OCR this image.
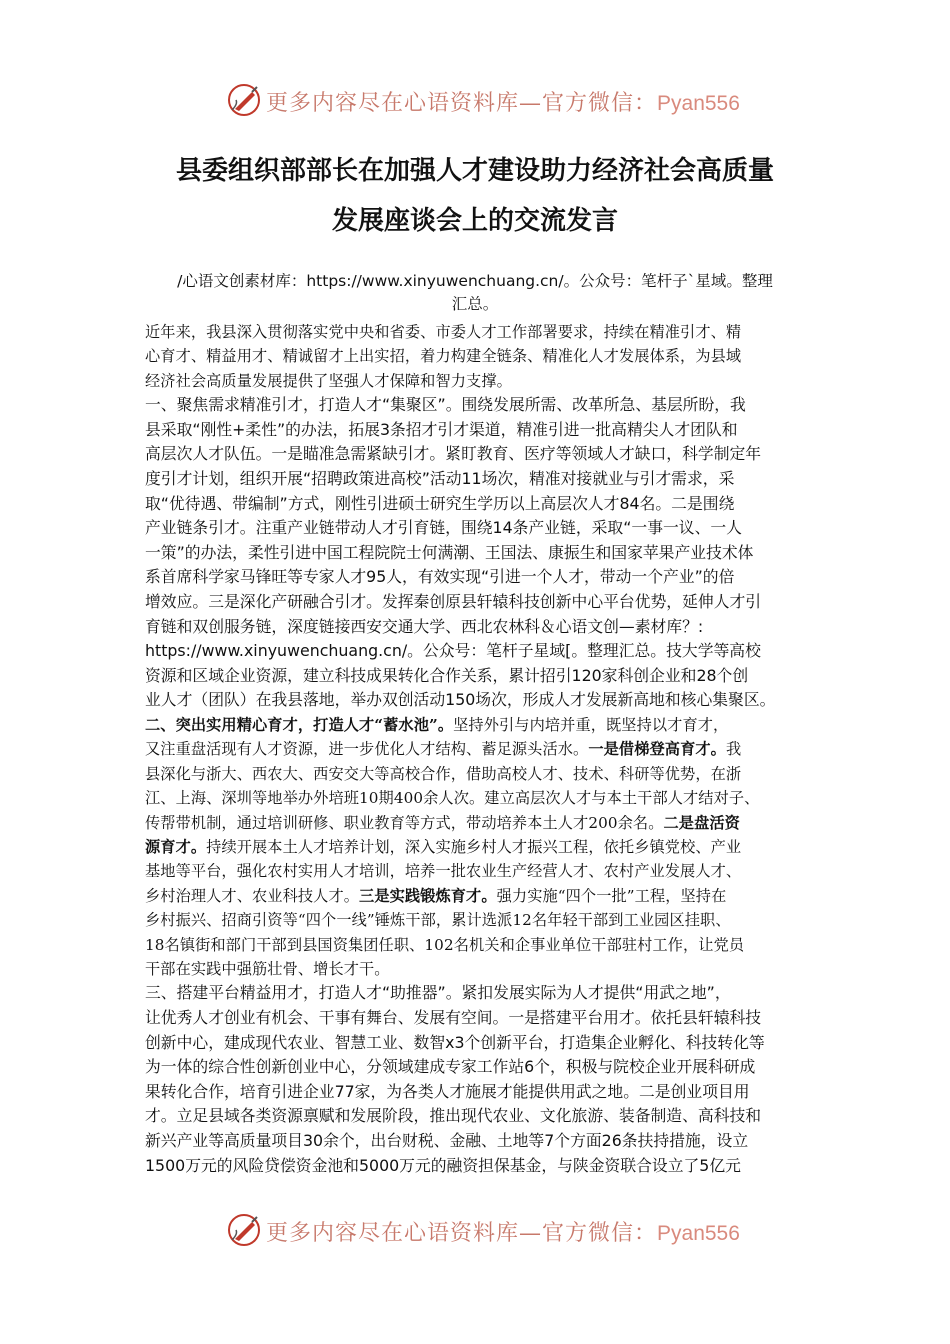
更多内容尽在心语资料库—官方微信：Pyan556
县委组织部部长在加强人才建设助力经济社会高质量
发展座谈会上的交流发言
/心语文创素材库：https://www.xinyuwenchuang.cn/。公众号：笔杆子`星域。整理
汇总。
近年来，我县深入贯彻落实党中央和省委、市委人才工作部署要求，持续在精准引才、精
心育才、精益用才、精诚留才上出实招，着力构建全链条、精准化人才发展体系，为县域
经济社会高质量发展提供了坚强人才保障和智力支撑。
一、聚焦需求精准引才，打造人才“集聚区”。围绕发展所需、改革所急、基层所盼，我
县采取“刚性+柔性”的办法，拓展3条招才引才渠道，精准引进一批高精尖人才团队和
高层次人才队伍。一是瞄准急需紧缺引才。紧盯教育、医疗等领域人才缺口，科学制定年
度引才计划，组织开展“招聘政策进高校”活动11场次，精准对接就业与引才需求，采
取“优待遇、带编制”方式，刚性引进硕士研究生学历以上高层次人才84名。二是围绕
产业链条引才。注重产业链带动人才引育链，围绕14条产业链，采取“一事一议、一人
一策”的办法，柔性引进中国工程院院士何满潮、王国法、康振生和国家苹果产业技术体
系首席科学家马锋旺等专家人才95人，有效实现“引进一个人才，带动一个产业”的倍
增效应。三是深化产研融合引才。发挥秦创原县轩辕科技创新中心平台优势，延伸人才引
育链和双创服务链，深度链接西安交通大学、西北农林科＆心语文创—素材库？:
https://www.xinyuwenchuang.cn/。公众号：笔杆子星域[。整理汇总。技大学等高校
资源和区域企业资源，建立科技成果转化合作关系，累计招引120家科创企业和28个创
业人才（团队）在我县落地，举办双创活动150场次，形成人才发展新高地和核心集聚区。
二、突出实用精心育才，打造人才“蓄水池”。坚持外引与内培并重，既坚持以才育才，
又注重盘活现有人才资源，进一步优化人才结构、蓄足源头活水。一是借梯登高育才。我
县深化与浙大、西农大、西安交大等高校合作，借助高校人才、技术、科研等优势，在浙
江、上海、深圳等地举办外培班10期400余人次。建立高层次人才与本土干部人才结对子、
传帮带机制，通过培训研修、职业教育等方式，带动培养本土人才200余名。二是盘活资
源育才。持续开展本土人才培养计划，深入实施乡村人才振兴工程，依托乡镇党校、产业
基地等平台，强化农村实用人才培训，培养一批农业生产经营人才、农村产业发展人才、
乡村治理人才、农业科技人才。三是实践锻炼育才。强力实施“四个一批”工程，坚持在
乡村振兴、招商引资等“四个一线”锤炼干部，累计选派12名年轻干部到工业园区挂职、
18名镇街和部门干部到县国资集团任职、102名机关和企事业单位干部驻村工作，让党员
干部在实践中强筋壮骨、增长才干。
三、搭建平台精益用才，打造人才“助推器”。紧扣发展实际为人才提供“用武之地”，
让优秀人才创业有机会、干事有舞台、发展有空间。一是搭建平台用才。依托县轩辕科技
创新中心，建成现代农业、智慧工业、数智x3个创新平台，打造集企业孵化、科技转化等
为一体的综合性创新创业中心，分领域建成专家工作站6个，积极与院校企业开展科研成
果转化合作，培育引进企业77家，为各类人才施展才能提供用武之地。二是创业项目用
才。立足县域各类资源禀赋和发展阶段，推出现代农业、文化旅游、装备制造、高科技和
新兴产业等高质量项目30余个，出台财税、金融、土地等7个方面26条扶持措施，设立
1500万元的风险贷偿资金池和5000万元的融资担保基金，与陕金资联合设立了5亿元
更多内容尽在心语资料库—官方微信：Pyan556
